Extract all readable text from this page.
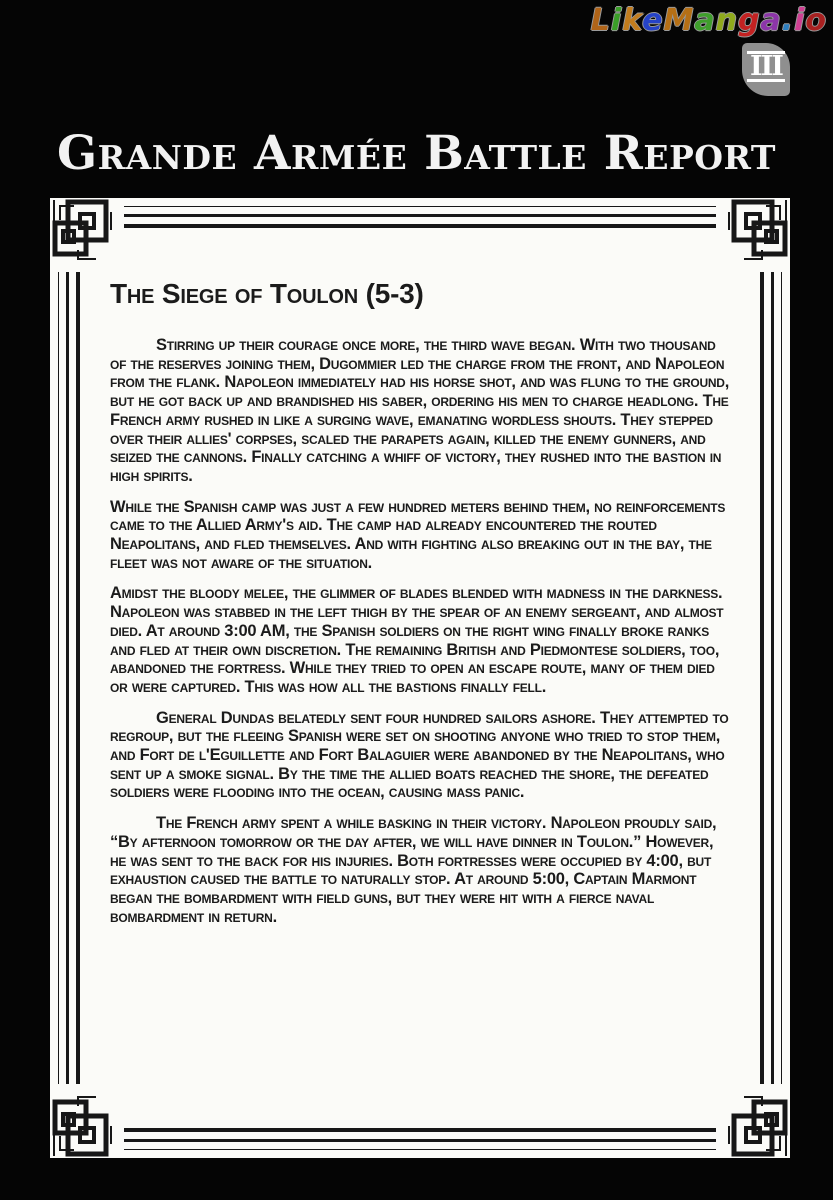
LikeManga.io
III
Grande Armée Battle Report
The Siege of Toulon (5-3)

Stirring up their courage once more, the third wave began. With two thousand of the reserves joining them, Dugommier led the charge from the front, and Napoleon from the flank. Napoleon immediately had his horse shot, and was flung to the ground, but he got back up and brandished his saber, ordering his men to charge headlong. The French army rushed in like a surging wave, emanating wordless shouts. They stepped over their allies' corpses, scaled the parapets again, killed the enemy gunners, and seized the cannons. Finally catching a whiff of victory, they rushed into the bastion in high spirits.

While the Spanish camp was just a few hundred meters behind them, no reinforcements came to the Allied Army's aid. The camp had already encountered the routed Neapolitans, and fled themselves. And with fighting also breaking out in the bay, the fleet was not aware of the situation.

Amidst the bloody melee, the glimmer of blades blended with madness in the darkness. Napoleon was stabbed in the left thigh by the spear of an enemy sergeant, and almost died. At around 3:00 AM, the Spanish soldiers on the right wing finally broke ranks and fled at their own discretion. The remaining British and Piedmontese soldiers, too, abandoned the fortress. While they tried to open an escape route, many of them died or were captured. This was how all the bastions finally fell.

General Dundas belatedly sent four hundred sailors ashore. They attempted to regroup, but the fleeing Spanish were set on shooting anyone who tried to stop them, and Fort de l'Eguillette and Fort Balaguier were abandoned by the Neapolitans, who sent up a smoke signal. By the time the allied boats reached the shore, the defeated soldiers were flooding into the ocean, causing mass panic.

The French army spent a while basking in their victory. Napoleon proudly said, “By afternoon tomorrow or the day after, we will have dinner in Toulon.” However, he was sent to the back for his injuries. Both fortresses were occupied by 4:00, but exhaustion caused the battle to naturally stop. At around 5:00, Captain Marmont began the bombardment with field guns, but they were hit with a fierce naval bombardment in return.
